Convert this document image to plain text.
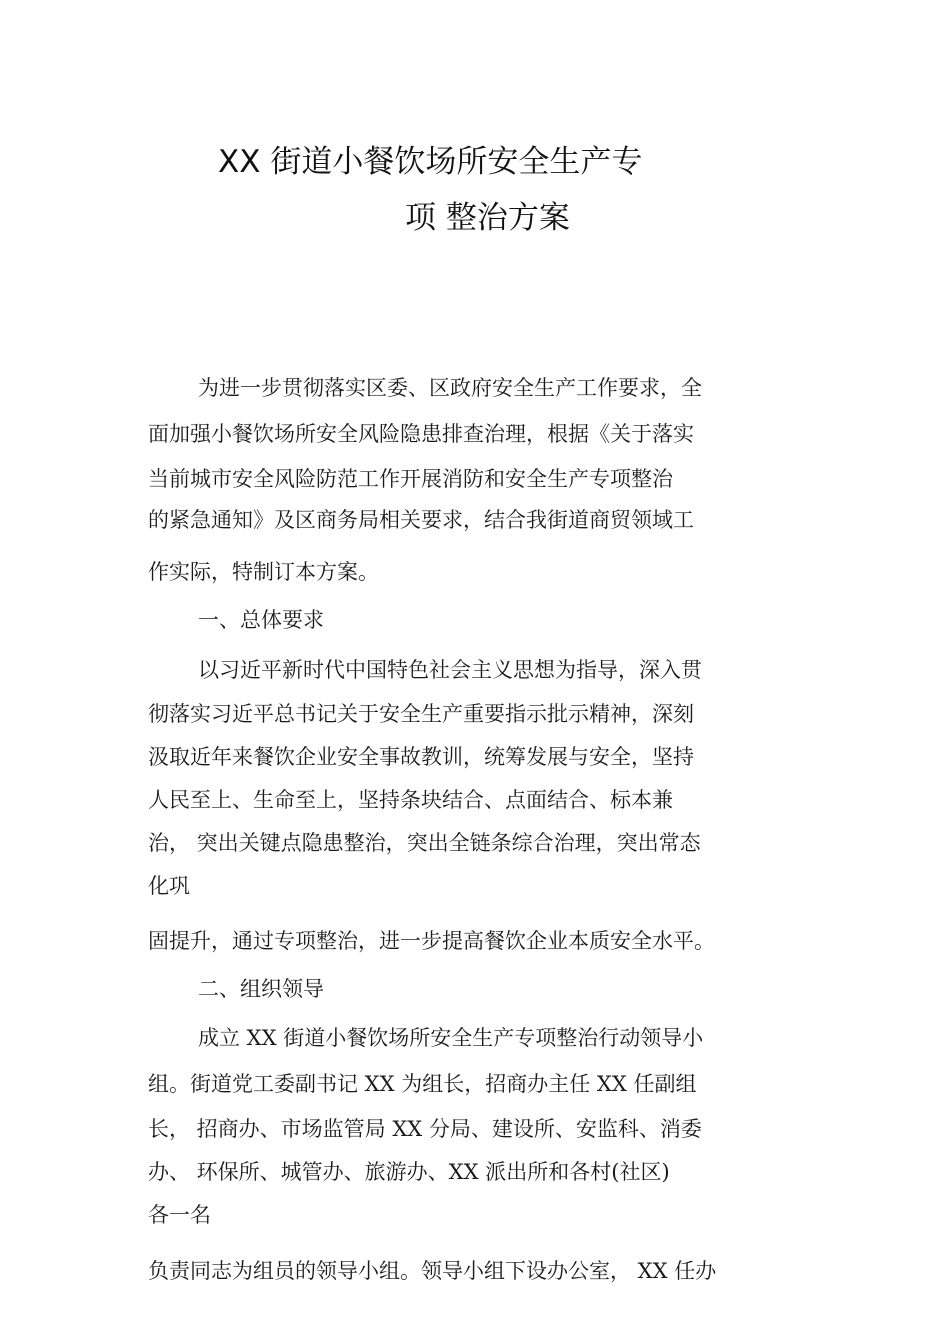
XX 街道小餐饮场所安全生产专
项 整治方案
为进一步贯彻落实区委、区政府安全生产工作要求，全
面加强小餐饮场所安全风险隐患排查治理，根据《关于落实
当前城市安全风险防范工作开展消防和安全生产专项整治
的紧急通知》及区商务局相关要求，结合我街道商贸领域工
作实际，特制订本方案。
一、总体要求
以习近平新时代中国特色社会主义思想为指导，深入贯
彻落实习近平总书记关于安全生产重要指示批示精神，深刻
汲取近年来餐饮企业安全事故教训，统筹发展与安全，坚持
人民至上、生命至上，坚持条块结合、点面结合、标本兼
治， 突出关键点隐患整治，突出全链条综合治理，突出常态
化巩
固提升，通过专项整治，进一步提高餐饮企业本质安全水平。
二、组织领导
成立 XX 街道小餐饮场所安全生产专项整治行动领导小
组。街道党工委副书记 XX 为组长，招商办主任 XX 任副组
长， 招商办、市场监管局 XX 分局、建设所、安监科、消委
办、 环保所、城管办、旅游办、XX 派出所和各村(社区)
各一名
负责同志为组员的领导小组。领导小组下设办公室， XX 任办
